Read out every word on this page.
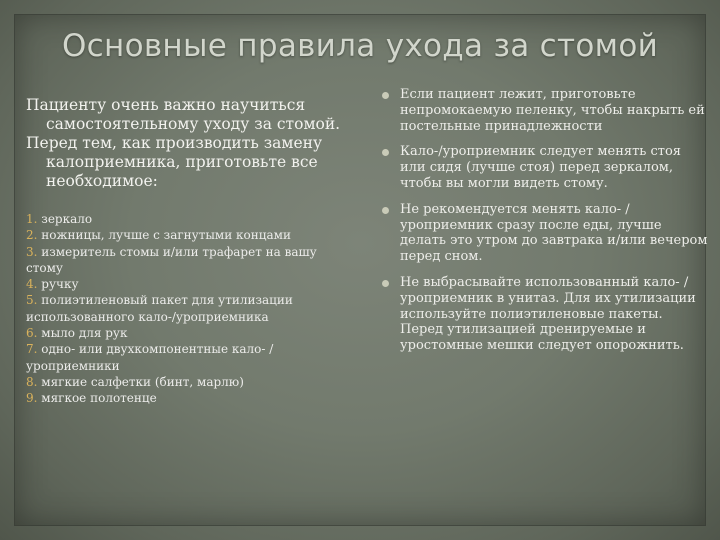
Основные правила ухода за стомой

Пациенту очень важно научиться самостоятельному уходу за стомой.

Перед тем, как производить замену калоприемника, приготовьте все необходимое:

1. зеркало
2. ножницы, лучше с загнутыми концами
3. измеритель стомы и/или трафарет на вашу стому
4. ручку
5. полиэтиленовый пакет для утилизации использованного кало-/уроприемника
6. мыло для рук
7. одно- или двухкомпонентные кало- /уроприемники
8. мягкие салфетки (бинт, марлю)
9. мягкое полотенце
Если пациент лежит, приготовьте непромокаемую пеленку, чтобы накрыть ей постельные принадлежности
Кало-/уроприемник следует менять стоя или сидя (лучше стоя) перед зеркалом, чтобы вы могли видеть стому.
Не рекомендуется менять кало- /уроприемник сразу после еды, лучше делать это утром до завтрака и/или вечером перед сном.
Не выбрасывайте использованный кало- /уроприемник в унитаз. Для их утилизации используйте полиэтиленовые пакеты. Перед утилизацией дренируемые и уростомные мешки следует опорожнить.
